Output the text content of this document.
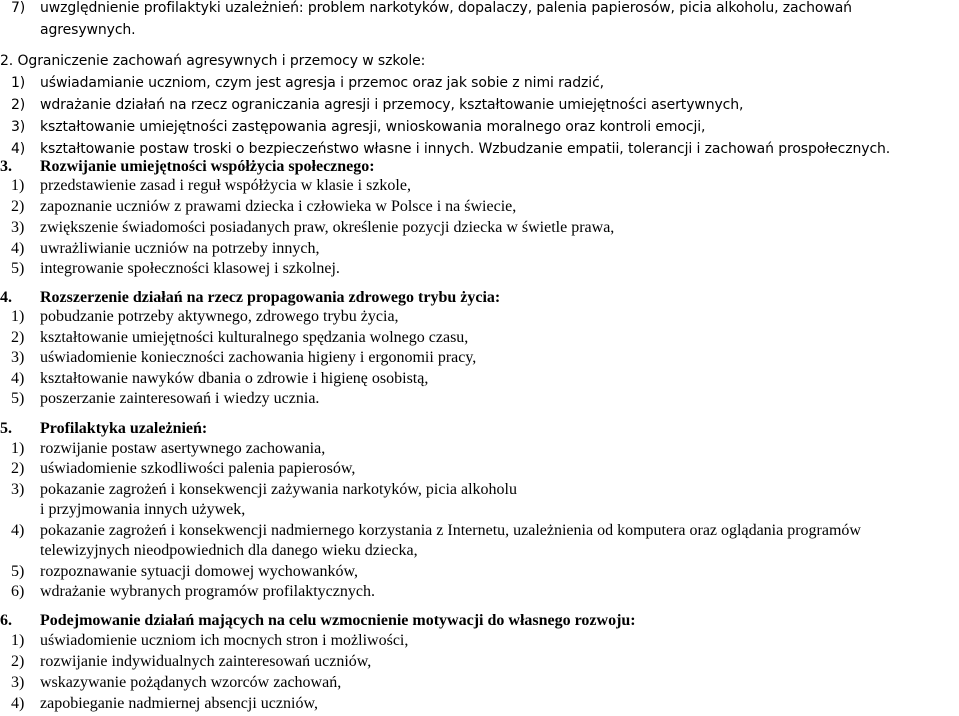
7) uwzględnienie profilaktyki uzależnień: problem narkotyków, dopalaczy, palenia papierosów, picia alkoholu, zachowań
agresywnych.
2. Ograniczenie zachowań agresywnych i przemocy w szkole:
1) uświadamianie uczniom, czym jest agresja i przemoc oraz jak sobie z nimi radzić,
2) wdrażanie działań na rzecz ograniczania agresji i przemocy, kształtowanie umiejętności asertywnych,
3) kształtowanie umiejętności zastępowania agresji, wnioskowania moralnego oraz kontroli emocji,
4) kształtowanie postaw troski o bezpieczeństwo własne i innych. Wzbudzanie empatii, tolerancji i zachowań prospołecznych.
3. Rozwijanie umiejętności współżycia społecznego:
1) przedstawienie zasad i reguł współżycia w klasie i szkole,
2) zapoznanie uczniów z prawami dziecka i człowieka w Polsce i na świecie,
3) zwiększenie świadomości posiadanych praw, określenie pozycji dziecka w świetle prawa,
4) uwrażliwianie uczniów na potrzeby innych,
5) integrowanie społeczności klasowej i szkolnej.
4. Rozszerzenie działań na rzecz propagowania zdrowego trybu życia:
1) pobudzanie potrzeby aktywnego, zdrowego trybu życia,
2) kształtowanie umiejętności kulturalnego spędzania wolnego czasu,
3) uświadomienie konieczności zachowania higieny i ergonomii pracy,
4) kształtowanie nawyków dbania o zdrowie i higienę osobistą,
5) poszerzanie zainteresowań i wiedzy ucznia.
5. Profilaktyka uzależnień:
1) rozwijanie postaw asertywnego zachowania,
2) uświadomienie szkodliwości palenia papierosów,
3) pokazanie zagrożeń i konsekwencji zażywania narkotyków, picia alkoholu
i przyjmowania innych używek,
4) pokazanie zagrożeń i konsekwencji nadmiernego korzystania z Internetu, uzależnienia od komputera oraz oglądania programów
telewizyjnych nieodpowiednich dla danego wieku dziecka,
5) rozpoznawanie sytuacji domowej wychowanków,
6) wdrażanie wybranych programów profilaktycznych.
6. Podejmowanie działań mających na celu wzmocnienie motywacji do własnego rozwoju:
1) uświadomienie uczniom ich mocnych stron i możliwości,
2) rozwijanie indywidualnych zainteresowań uczniów,
3) wskazywanie pożądanych wzorców zachowań,
4) zapobieganie nadmiernej absencji uczniów,
